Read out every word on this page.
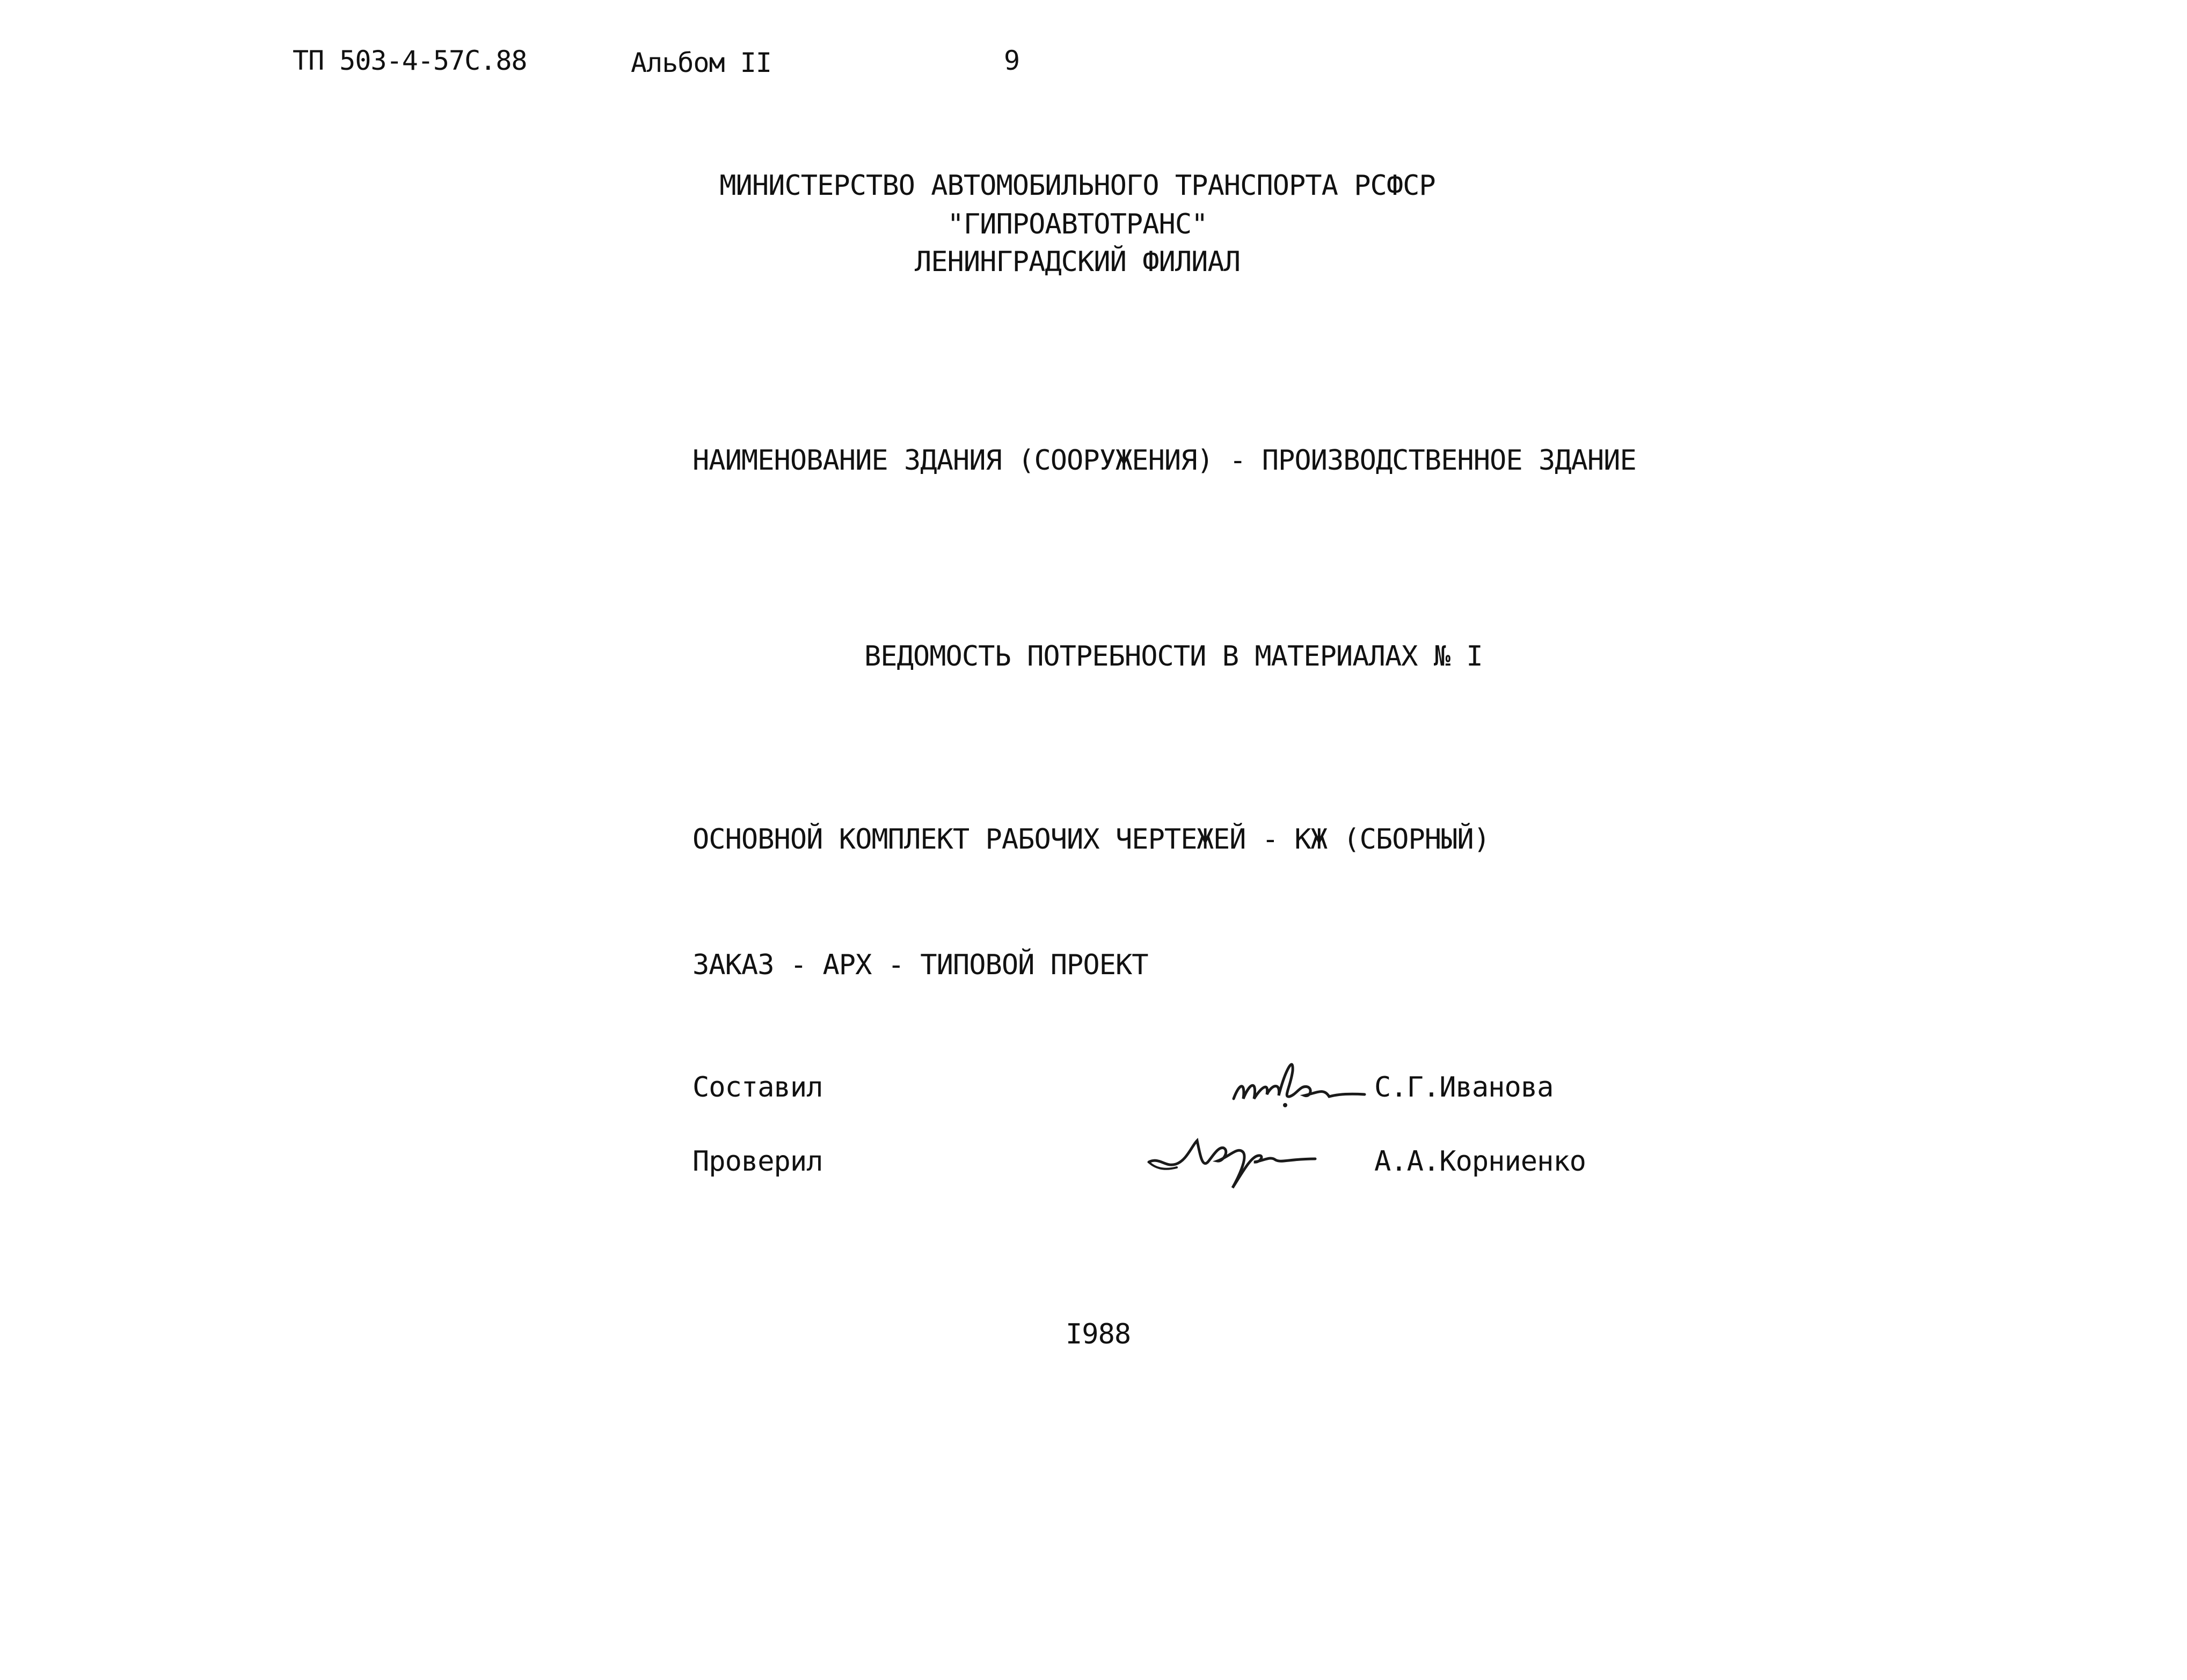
ТП 503-4-57С.88	Альбом II	9
МИНИСТЕРСТВО АВТОМОБИЛЬНОГО ТРАНСПОРТА РСФСР
"ГИПРОАВТОТРАНС"
ЛЕНИНГРАДСКИЙ ФИЛИАЛ
НАИМЕНОВАНИЕ ЗДАНИЯ (СООРУЖЕНИЯ) - ПРОИЗВОДСТВЕННОЕ ЗДАНИЕ
ВЕДОМОСТЬ ПОТРЕБНОСТИ В МАТЕРИАЛАХ № I
ОСНОВНОЙ КОМПЛЕКТ РАБОЧИХ ЧЕРТЕЖЕЙ - КЖ (СБОРНЫЙ)
ЗАКАЗ - АРХ - ТИПОВОЙ ПРОЕКТ
Составил	С.Г.Иванова
Проверил	А.А.Корниенко
I988
